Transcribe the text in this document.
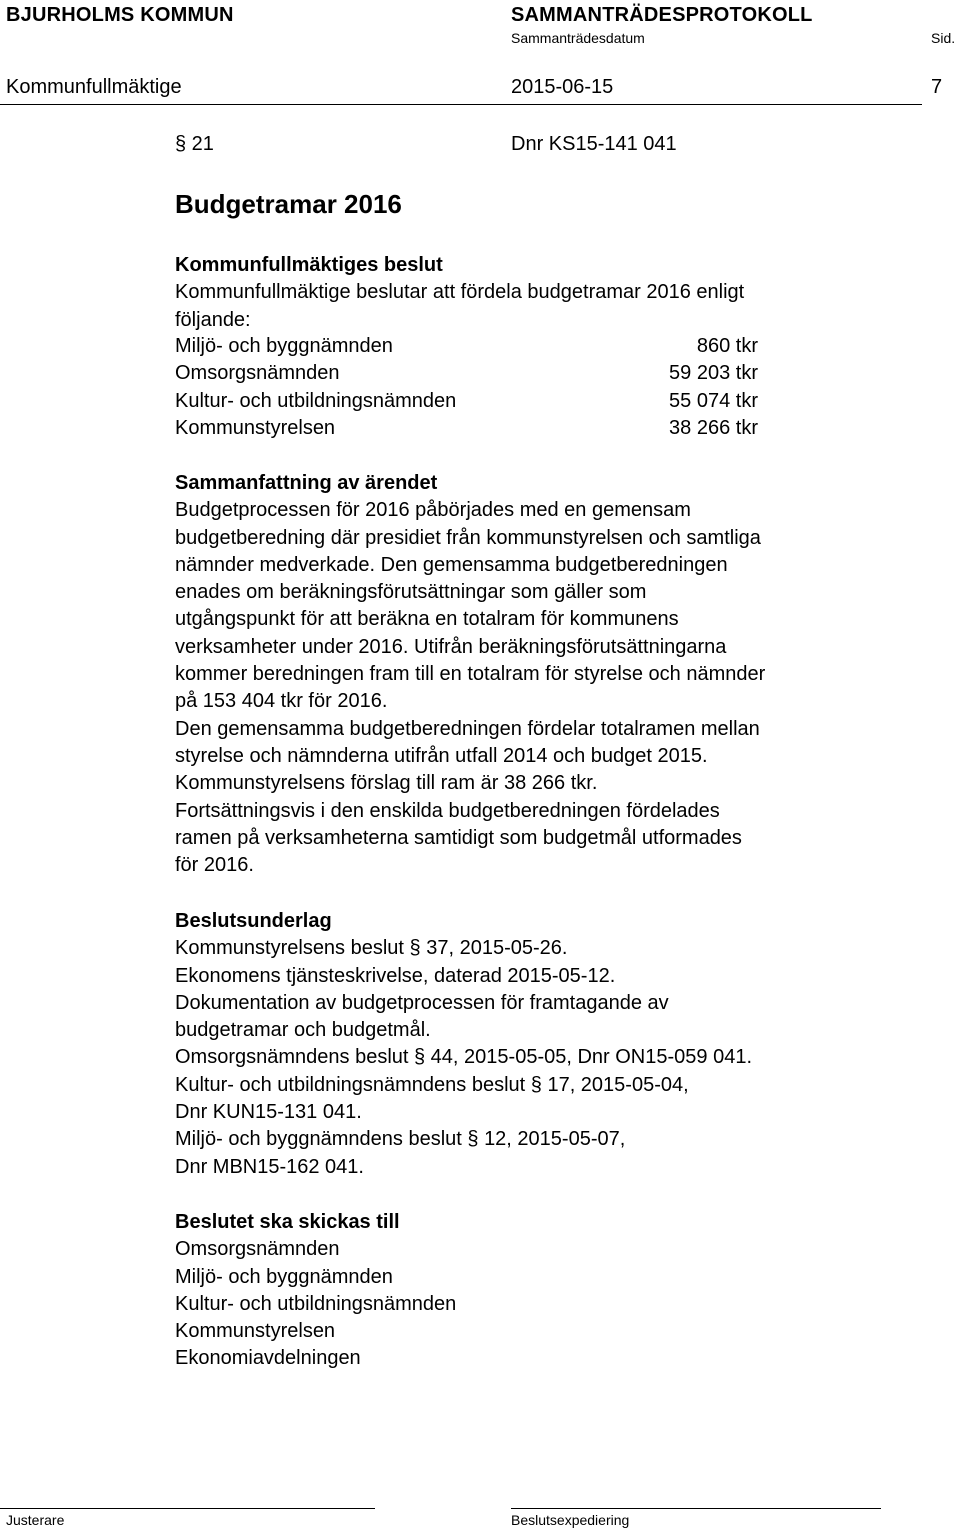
BJURHOLMS KOMMUN	SAMMANTRÄDESPROTOKOLL
Sammanträdesdatum	Sid.
Kommunfullmäktige	2015-06-15	7
§ 21	Dnr KS15-141 041
Budgetramar 2016
Kommunfullmäktiges beslut
Kommunfullmäktige beslutar att fördela budgetramar 2016 enligt
följande:
Miljö- och byggnämnden	860 tkr
Omsorgsnämnden	59 203 tkr
Kultur- och utbildningsnämnden	55 074 tkr
Kommunstyrelsen	38 266 tkr
Sammanfattning av ärendet
Budgetprocessen för 2016 påbörjades med en gemensam
budgetberedning där presidiet från kommunstyrelsen och samtliga
nämnder medverkade. Den gemensamma budgetberedningen
enades om beräkningsförutsättningar som gäller som
utgångspunkt för att beräkna en totalram för kommunens
verksamheter under 2016. Utifrån beräkningsförutsättningarna
kommer beredningen fram till en totalram för styrelse och nämnder
på 153 404 tkr för 2016.
Den gemensamma budgetberedningen fördelar totalramen mellan
styrelse och nämnderna utifrån utfall 2014 och budget 2015.
Kommunstyrelsens förslag till ram är 38 266 tkr.
Fortsättningsvis i den enskilda budgetberedningen fördelades
ramen på verksamheterna samtidigt som budgetmål utformades
för 2016.
Beslutsunderlag
Kommunstyrelsens beslut § 37, 2015-05-26.
Ekonomens tjänsteskrivelse, daterad 2015-05-12.
Dokumentation av budgetprocessen för framtagande av
budgetramar och budgetmål.
Omsorgsnämndens beslut § 44, 2015-05-05, Dnr ON15-059 041.
Kultur- och utbildningsnämndens beslut § 17, 2015-05-04,
Dnr KUN15-131 041.
Miljö- och byggnämndens beslut § 12, 2015-05-07,
Dnr MBN15-162 041.
Beslutet ska skickas till
Omsorgsnämnden
Miljö- och byggnämnden
Kultur- och utbildningsnämnden
Kommunstyrelsen
Ekonomiavdelningen
Justerare	Beslutsexpediering
